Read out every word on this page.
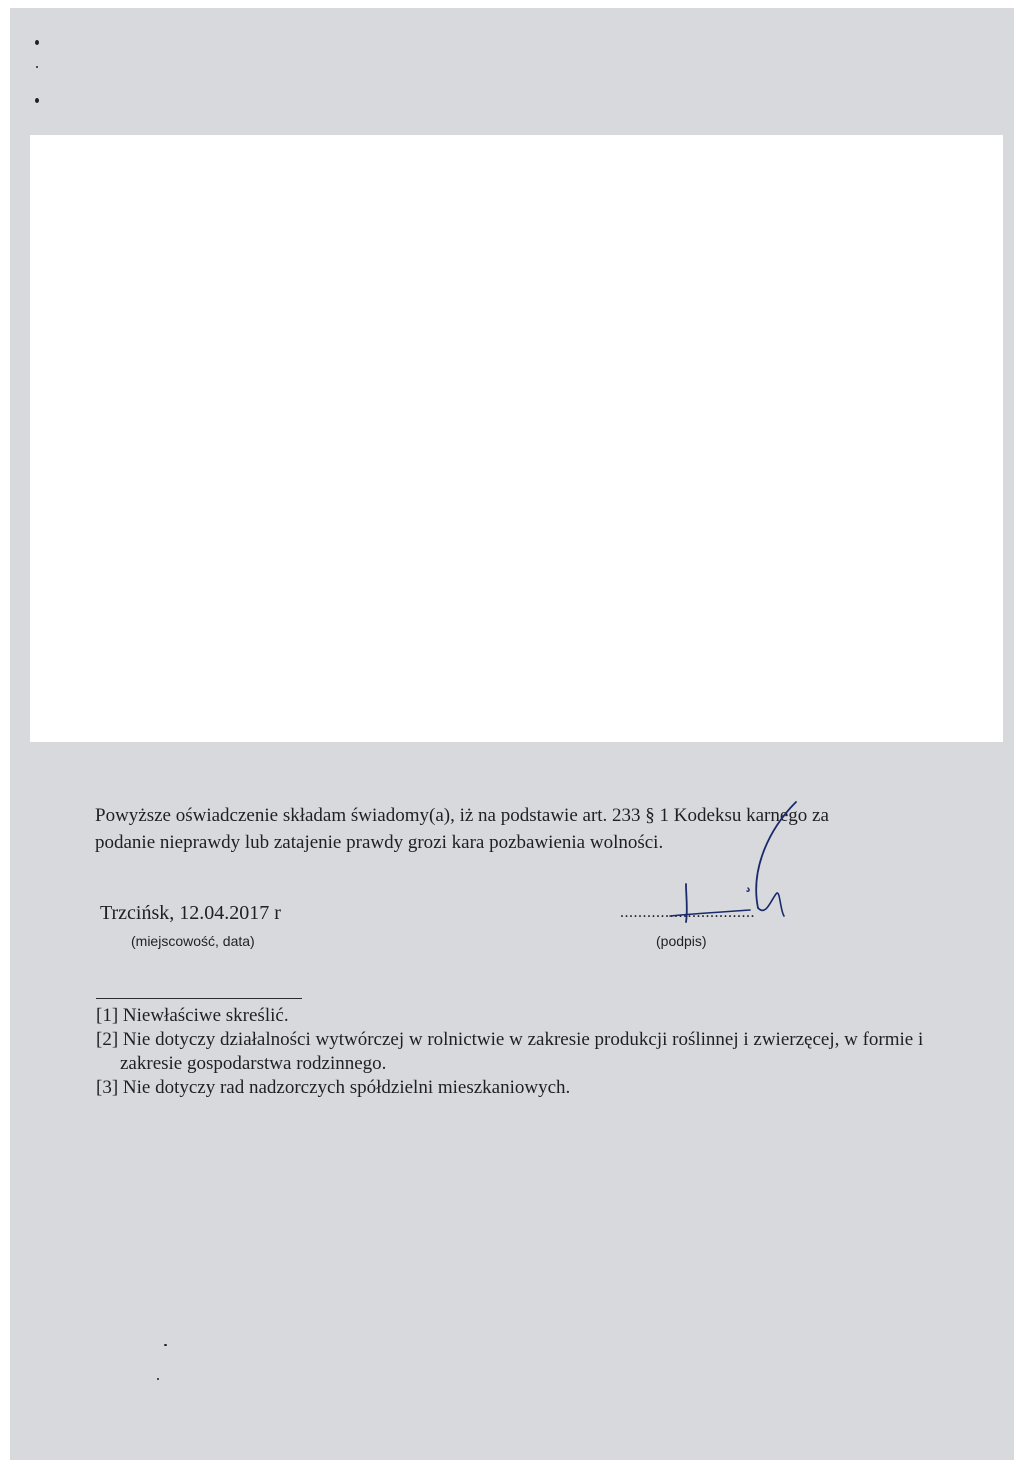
Powyższe oświadczenie składam świadomy(a), iż na podstawie art. 233 § 1 Kodeksu karnego za
podanie nieprawdy lub zatajenie prawdy grozi kara pozbawienia wolności.

Trzcińsk, 12.04.2017 r
(miejscowość, data)
..............................
(podpis)
[1] Niewłaściwe skreślić.
[2] Nie dotyczy działalności wytwórczej w rolnictwie w zakresie produkcji roślinnej i zwierzęcej, w formie i zakresie gospodarstwa rodzinnego.
[3] Nie dotyczy rad nadzorczych spółdzielni mieszkaniowych.
